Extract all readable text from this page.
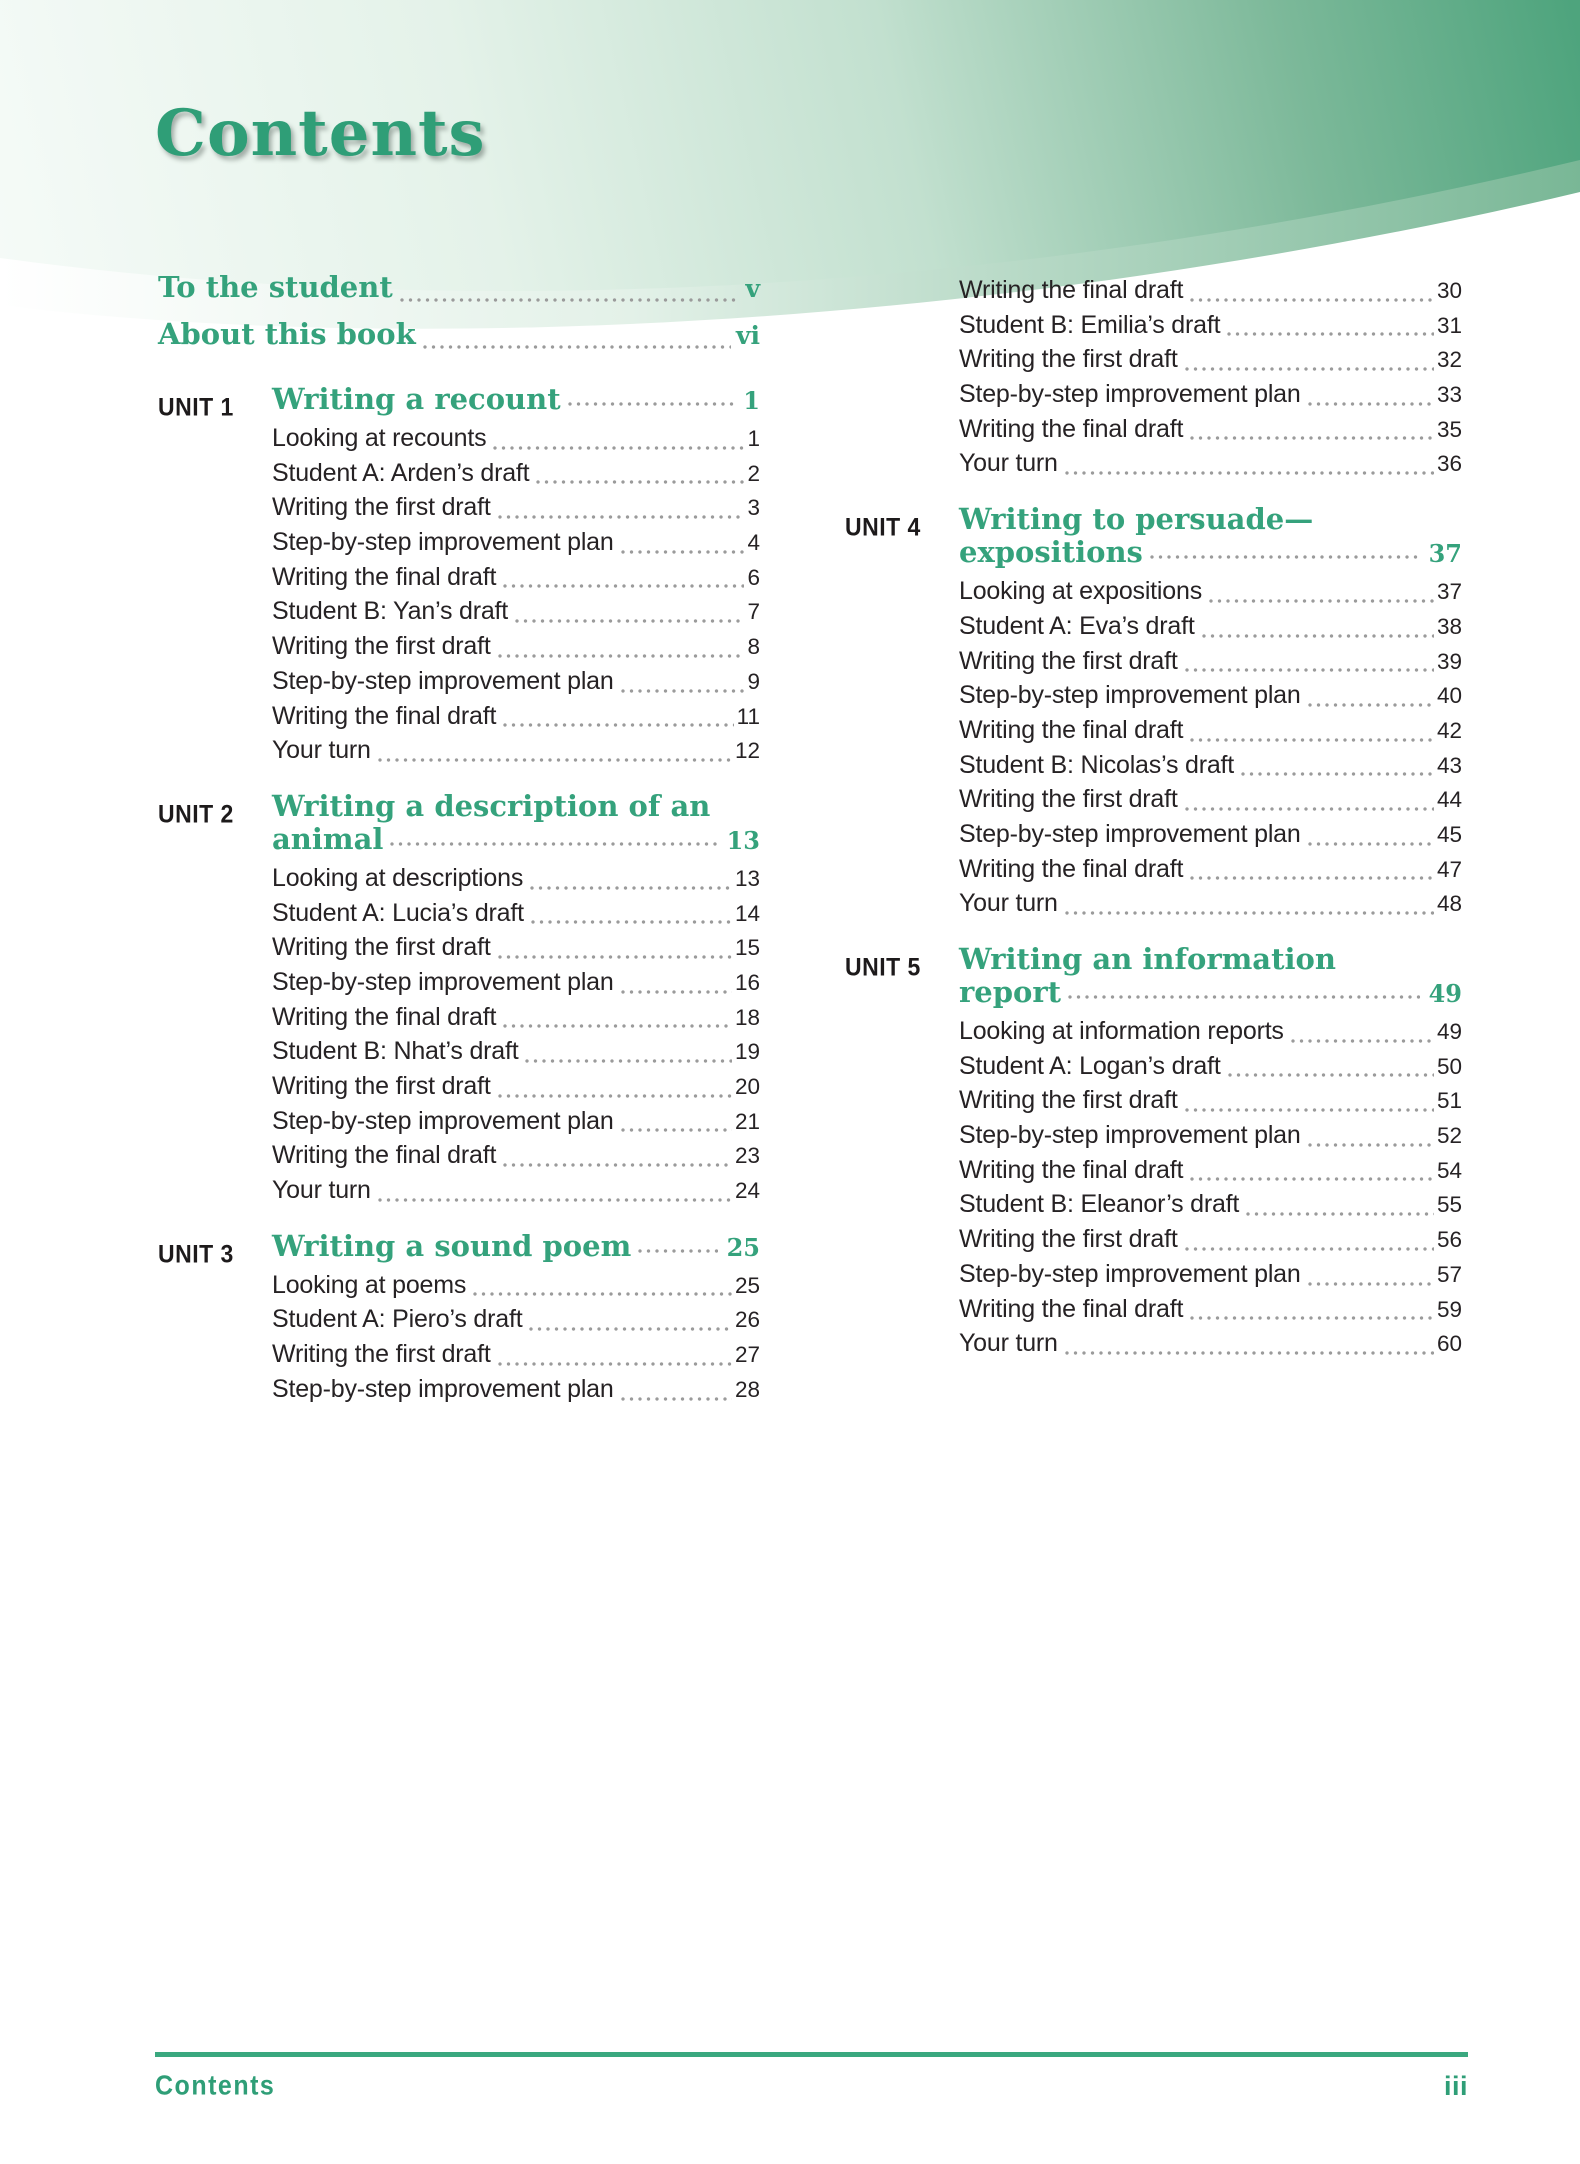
Contents
To the student	v
About this book	vi
UNIT 1	Writing a recount	1
Looking at recounts	1
Student A: Arden’s draft	2
Writing the first draft	3
Step-by-step improvement plan	4
Writing the final draft	6
Student B: Yan’s draft	7
Writing the first draft	8
Step-by-step improvement plan	9
Writing the final draft	11
Your turn	12
UNIT 2	Writing a description of an
animal	13
Looking at descriptions	13
Student A: Lucia’s draft	14
Writing the first draft	15
Step-by-step improvement plan	16
Writing the final draft	18
Student B: Nhat’s draft	19
Writing the first draft	20
Step-by-step improvement plan	21
Writing the final draft	23
Your turn	24
UNIT 3	Writing a sound poem	25
Looking at poems	25
Student A: Piero’s draft	26
Writing the first draft	27
Step-by-step improvement plan	28
Writing the final draft	30
Student B: Emilia’s draft	31
Writing the first draft	32
Step-by-step improvement plan	33
Writing the final draft	35
Your turn	36
UNIT 4	Writing to persuade—
expositions	37
Looking at expositions	37
Student A: Eva’s draft	38
Writing the first draft	39
Step-by-step improvement plan	40
Writing the final draft	42
Student B: Nicolas’s draft	43
Writing the first draft	44
Step-by-step improvement plan	45
Writing the final draft	47
Your turn	48
UNIT 5	Writing an information
report	49
Looking at information reports	49
Student A: Logan’s draft	50
Writing the first draft	51
Step-by-step improvement plan	52
Writing the final draft	54
Student B: Eleanor’s draft	55
Writing the first draft	56
Step-by-step improvement plan	57
Writing the final draft	59
Your turn	60
Contents	iii
